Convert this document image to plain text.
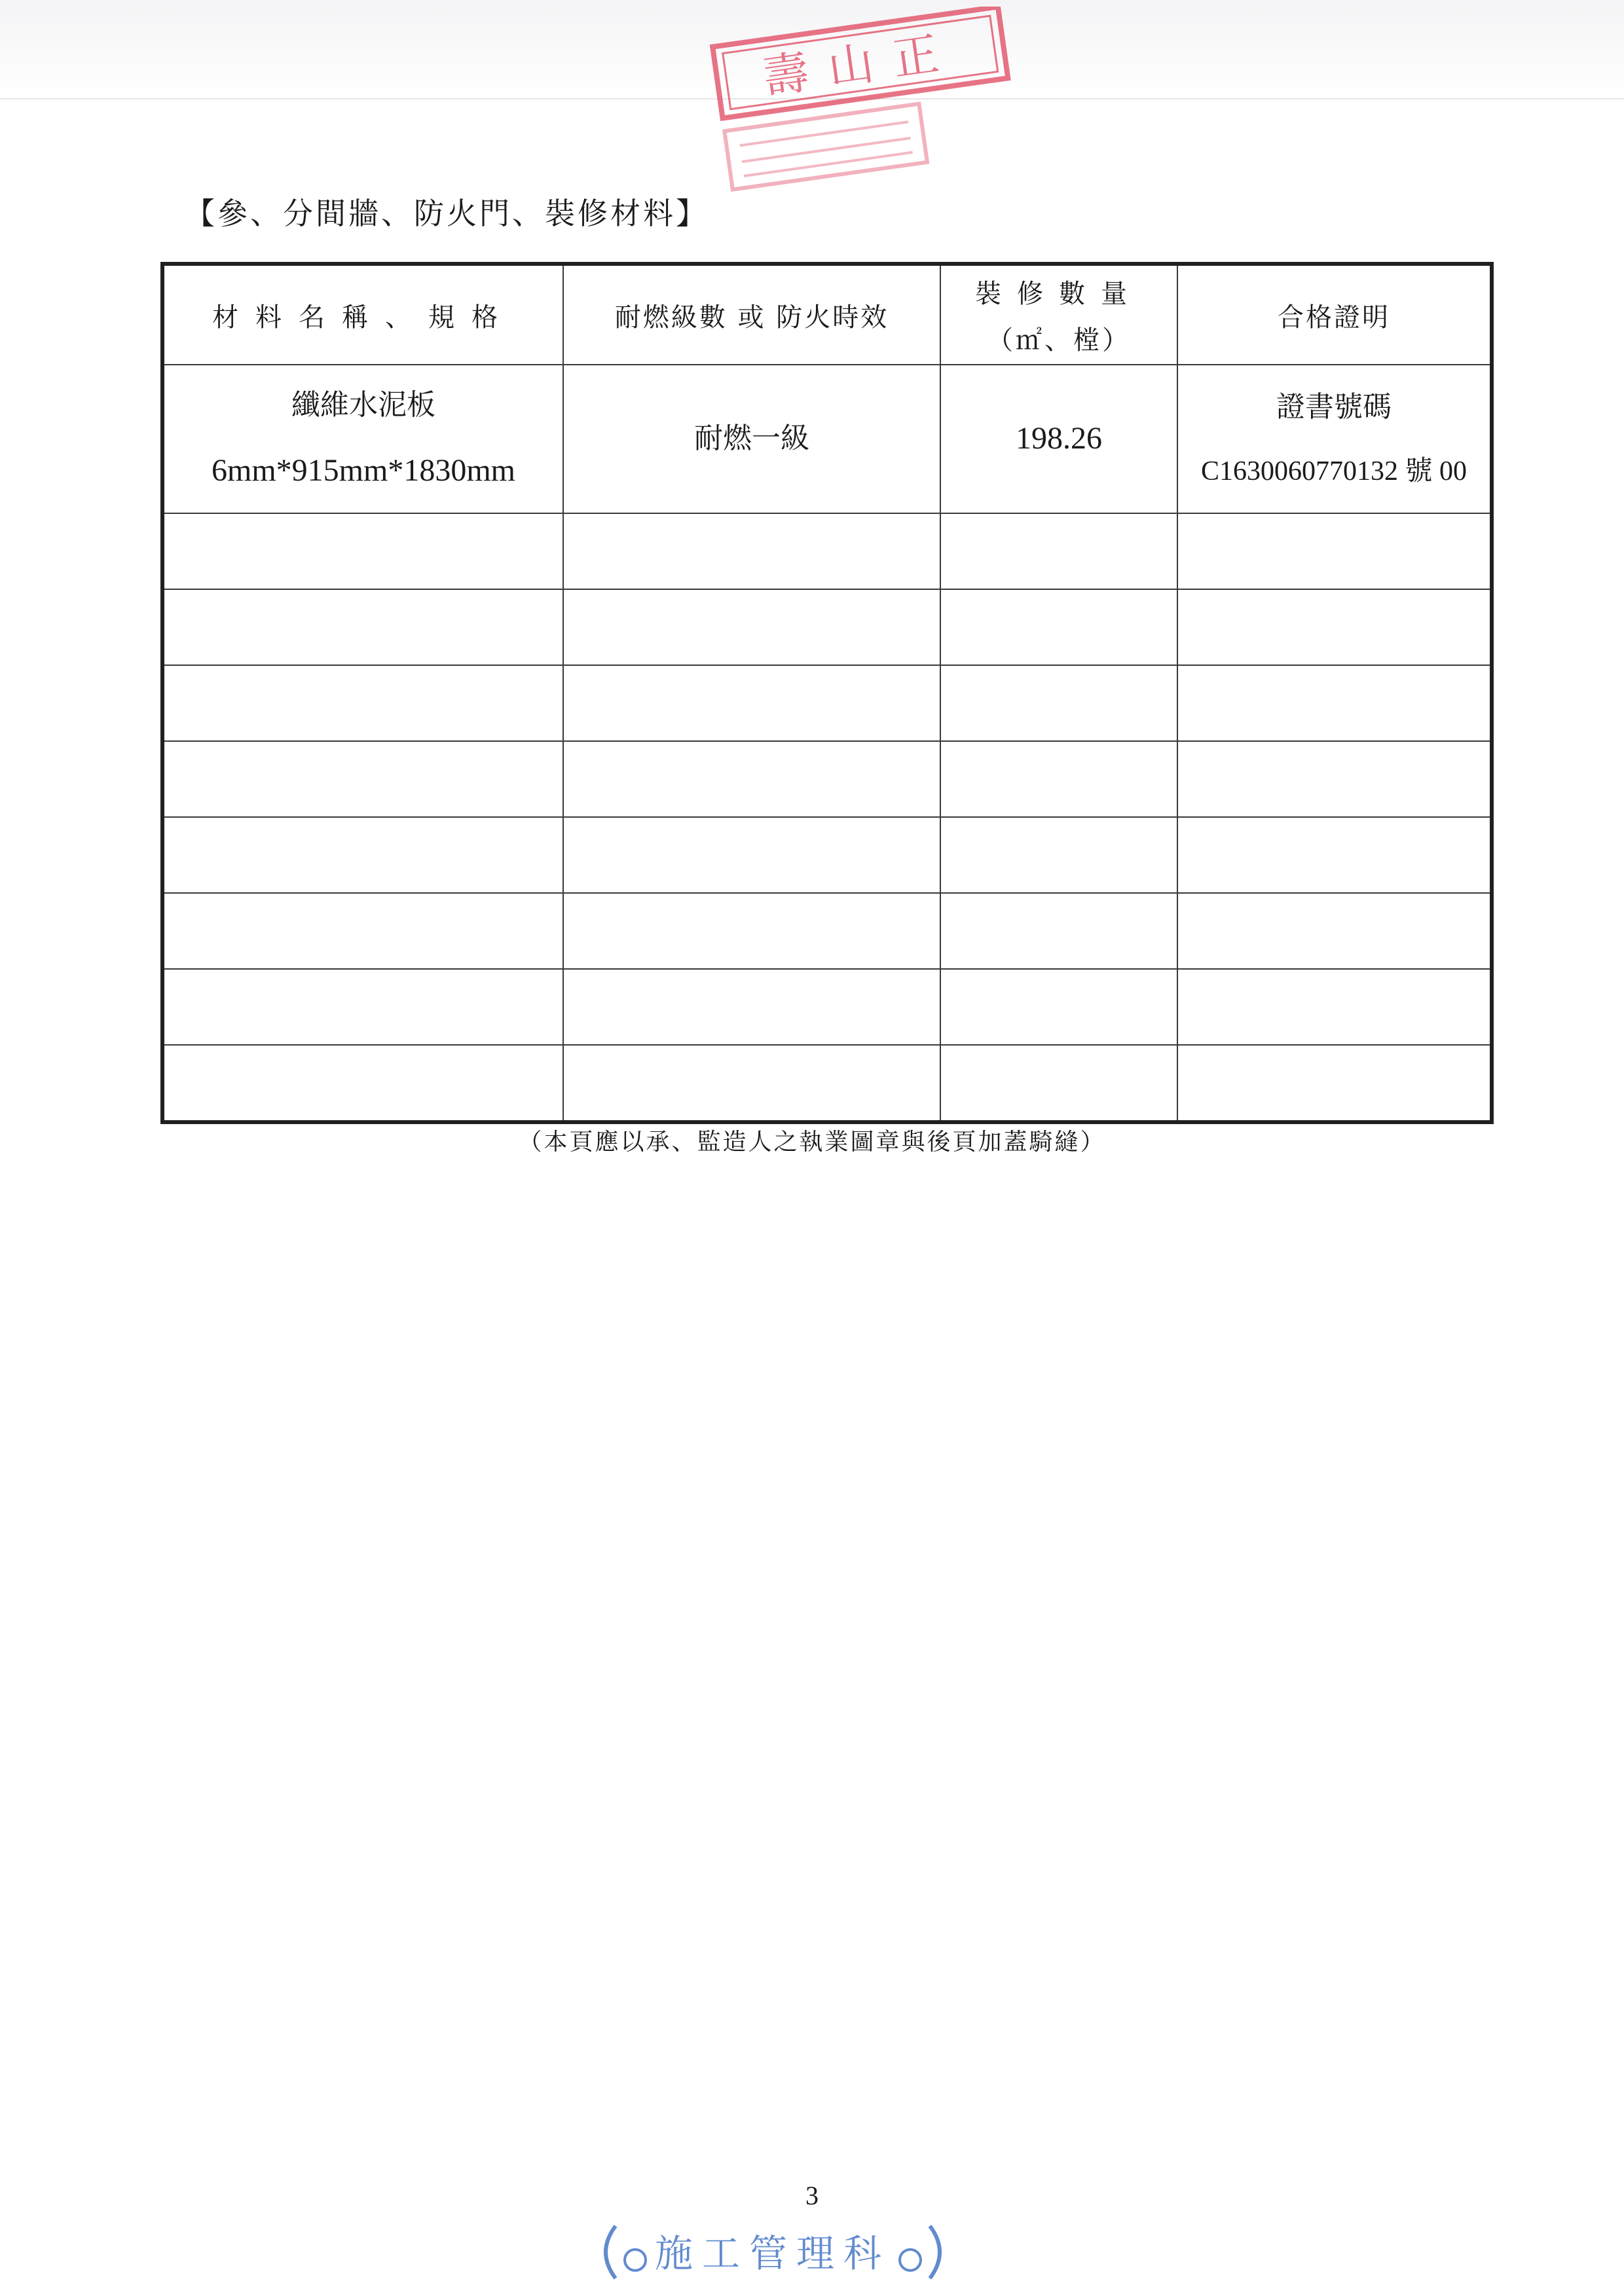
壽山正
【參、分間牆、防火門、裝修材料】
材料名稱、規格	耐燃級數 或 防火時效	裝修數量
（㎡、樘）	合格證明

纖維水泥板
6mm*915mm*1830mm	耐燃一級	198.26	證書號碼
C1630060770132 號 00

（本頁應以承、監造人之執業圖章與後頁加蓋騎縫）
3
施工管理科
